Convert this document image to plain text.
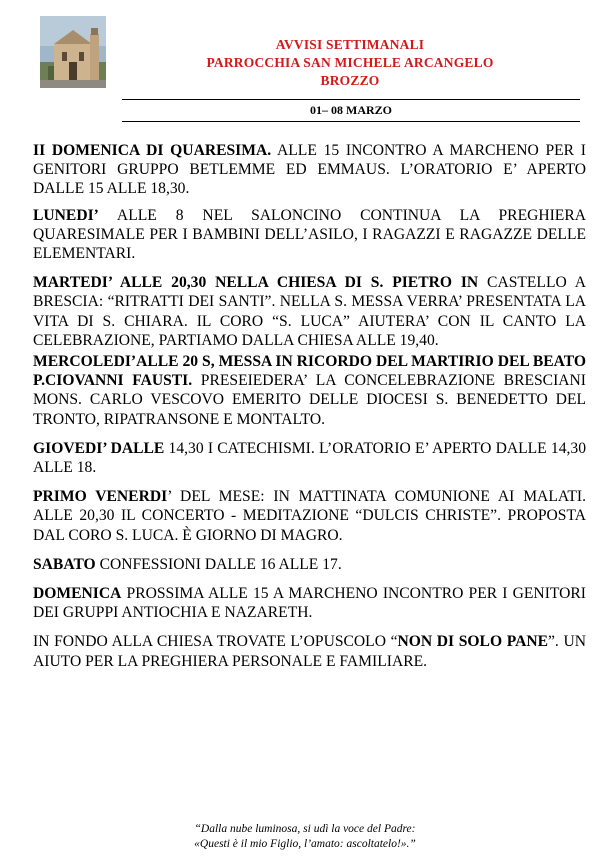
AVVISI SETTIMANALI
PARROCCHIA SAN MICHELE ARCANGELO
BROZZO
01– 08 MARZO

II DOMENICA DI QUARESIMA. ALLE 15 INCONTRO A MARCHENO PER I GENITORI GRUPPO BETLEMME ED EMMAUS. L’ORATORIO E’ APERTO DALLE 15 ALLE 18,30.

LUNEDI’ ALLE 8 NEL SALONCINO CONTINUA LA PREGHIERA QUARESIMALE PER I BAMBINI DELL’ASILO, I RAGAZZI E RAGAZZE DELLE ELEMENTARI.

MARTEDI’ ALLE 20,30 NELLA CHIESA DI S. PIETRO IN CASTELLO A BRESCIA: “RITRATTI DEI SANTI”. NELLA S. MESSA VERRA’ PRESENTATA LA VITA DI S. CHIARA. IL CORO “S. LUCA” AIUTERA’ CON IL CANTO LA CELEBRAZIONE, PARTIAMO DALLA CHIESA ALLE 19,40.

MERCOLEDI’ALLE 20 S, MESSA IN RICORDO DEL MARTIRIO DEL BEATO P.CIOVANNI FAUSTI. PRESEIEDERA’ LA CONCELEBRAZIONE BRESCIANI MONS. CARLO VESCOVO EMERITO DELLE DIOCESI S. BENEDETTO DEL TRONTO, RIPATRANSONE E MONTALTO.

GIOVEDI’ DALLE 14,30 I CATECHISMI. L’ORATORIO E’ APERTO DALLE 14,30 ALLE 18.

PRIMO VENERDI’ DEL MESE: IN MATTINATA COMUNIONE AI MALATI. ALLE 20,30 IL CONCERTO - MEDITAZIONE “DULCIS CHRISTE”. PROPOSTA DAL CORO S. LUCA. È GIORNO DI MAGRO.

SABATO CONFESSIONI DALLE 16 ALLE 17.

DOMENICA PROSSIMA ALLE 15 A MARCHENO INCONTRO PER I GENITORI DEI GRUPPI ANTIOCHIA E NAZARETH.

IN FONDO ALLA CHIESA TROVATE L’OPUSCOLO “NON DI SOLO PANE”. UN AIUTO PER LA PREGHIERA PERSONALE E FAMILIARE.

“Dalla nube luminosa, si udì la voce del Padre:
«Questi è il mio Figlio, l’amato: ascoltatelo!».”
